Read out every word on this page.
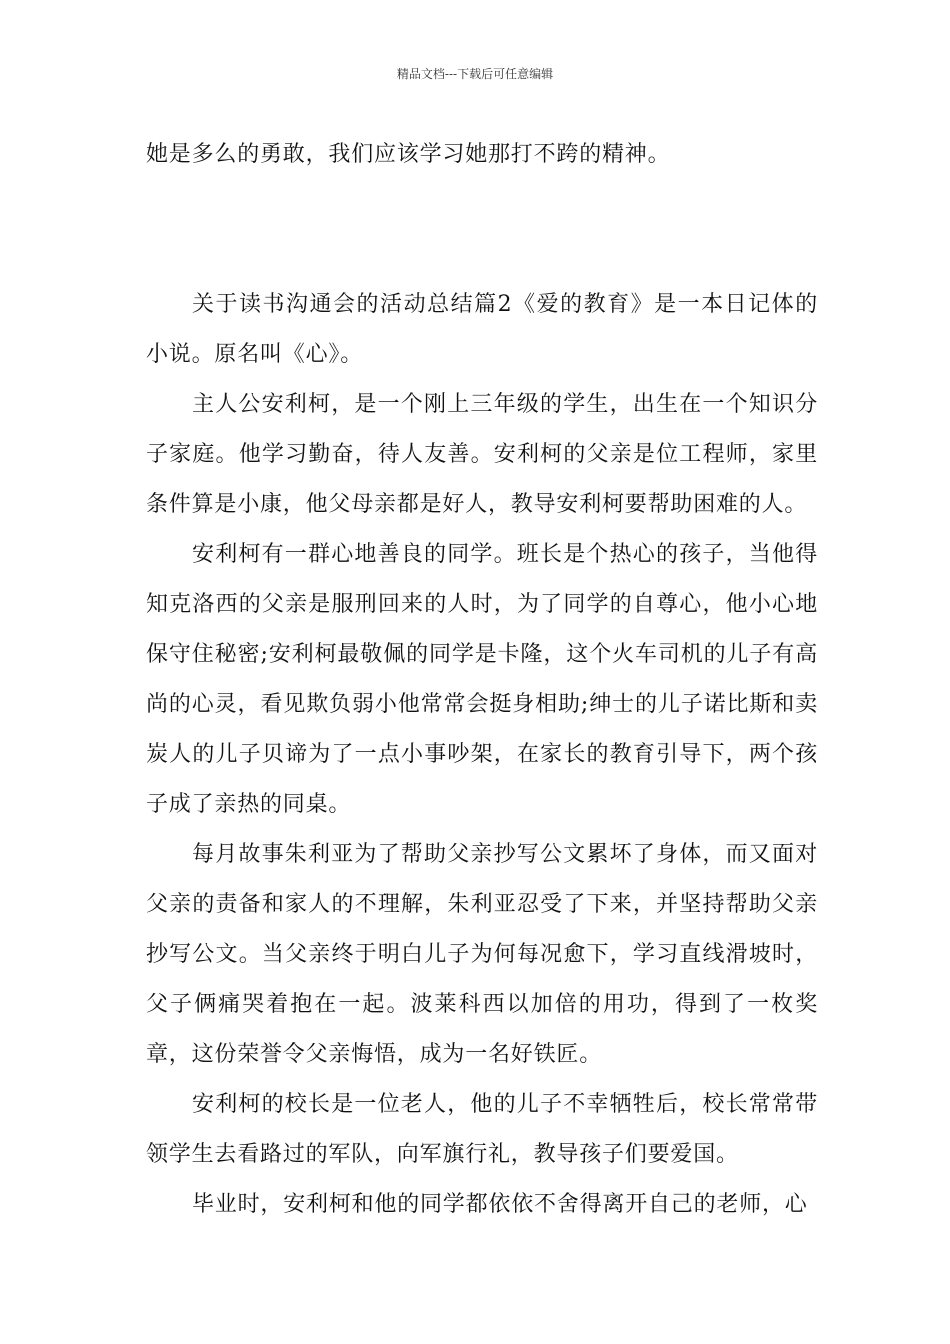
精品文档---下载后可任意编辑

她是多么的勇敢，我们应该学习她那打不跨的精神。

关于读书沟通会的活动总结篇2《爱的教育》是一本日记体的小说。原名叫《心》。

主人公安利柯，是一个刚上三年级的学生，出生在一个知识分子家庭。他学习勤奋，待人友善。安利柯的父亲是位工程师，家里条件算是小康，他父母亲都是好人，教导安利柯要帮助困难的人。

安利柯有一群心地善良的同学。班长是个热心的孩子，当他得知克洛西的父亲是服刑回来的人时，为了同学的自尊心，他小心地保守住秘密;安利柯最敬佩的同学是卡隆，这个火车司机的儿子有高尚的心灵，看见欺负弱小他常常会挺身相助;绅士的儿子诺比斯和卖炭人的儿子贝谛为了一点小事吵架，在家长的教育引导下，两个孩子成了亲热的同桌。

每月故事朱利亚为了帮助父亲抄写公文累坏了身体，而又面对父亲的责备和家人的不理解，朱利亚忍受了下来，并坚持帮助父亲抄写公文。当父亲终于明白儿子为何每况愈下，学习直线滑坡时，父子俩痛哭着抱在一起。波莱科西以加倍的用功，得到了一枚奖章，这份荣誉令父亲悔悟，成为一名好铁匠。

安利柯的校长是一位老人，他的儿子不幸牺牲后，校长常常带领学生去看路过的军队，向军旗行礼，教导孩子们要爱国。

毕业时，安利柯和他的同学都依依不舍得离开自己的老师，心
